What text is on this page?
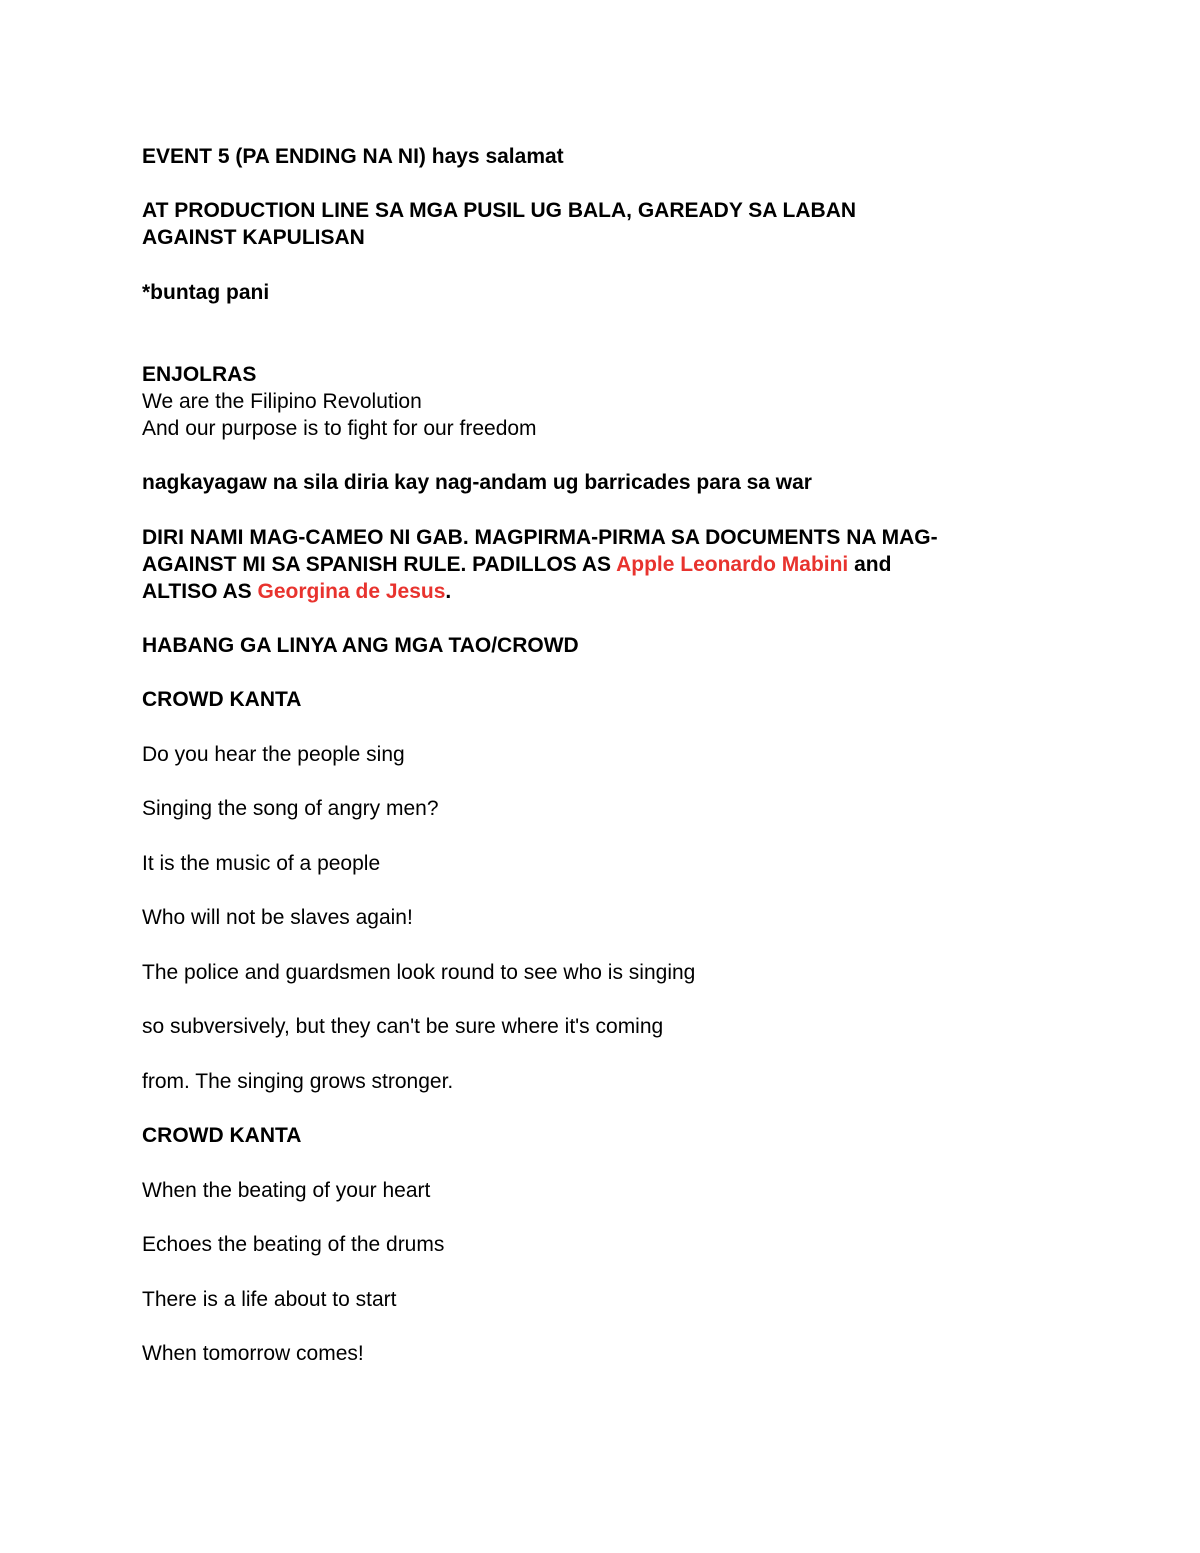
EVENT 5 (PA ENDING NA NI) hays salamat

AT PRODUCTION LINE SA MGA PUSIL UG BALA, GAREADY SA LABAN

AGAINST KAPULISAN

*buntag pani

ENJOLRAS

We are the Filipino Revolution

And our purpose is to fight for our freedom

nagkayagaw na sila diria kay nag-andam ug barricades para sa war

DIRI NAMI MAG-CAMEO NI GAB. MAGPIRMA-PIRMA SA DOCUMENTS NA MAG-

AGAINST MI SA SPANISH RULE. PADILLOS AS Apple Leonardo Mabini and

ALTISO AS Georgina de Jesus.

HABANG GA LINYA ANG MGA TAO/CROWD

CROWD KANTA

Do you hear the people sing

Singing the song of angry men?

It is the music of a people

Who will not be slaves again!

The police and guardsmen look round to see who is singing

so subversively, but they can't be sure where it's coming

from. The singing grows stronger.

CROWD KANTA

When the beating of your heart

Echoes the beating of the drums

There is a life about to start

When tomorrow comes!
